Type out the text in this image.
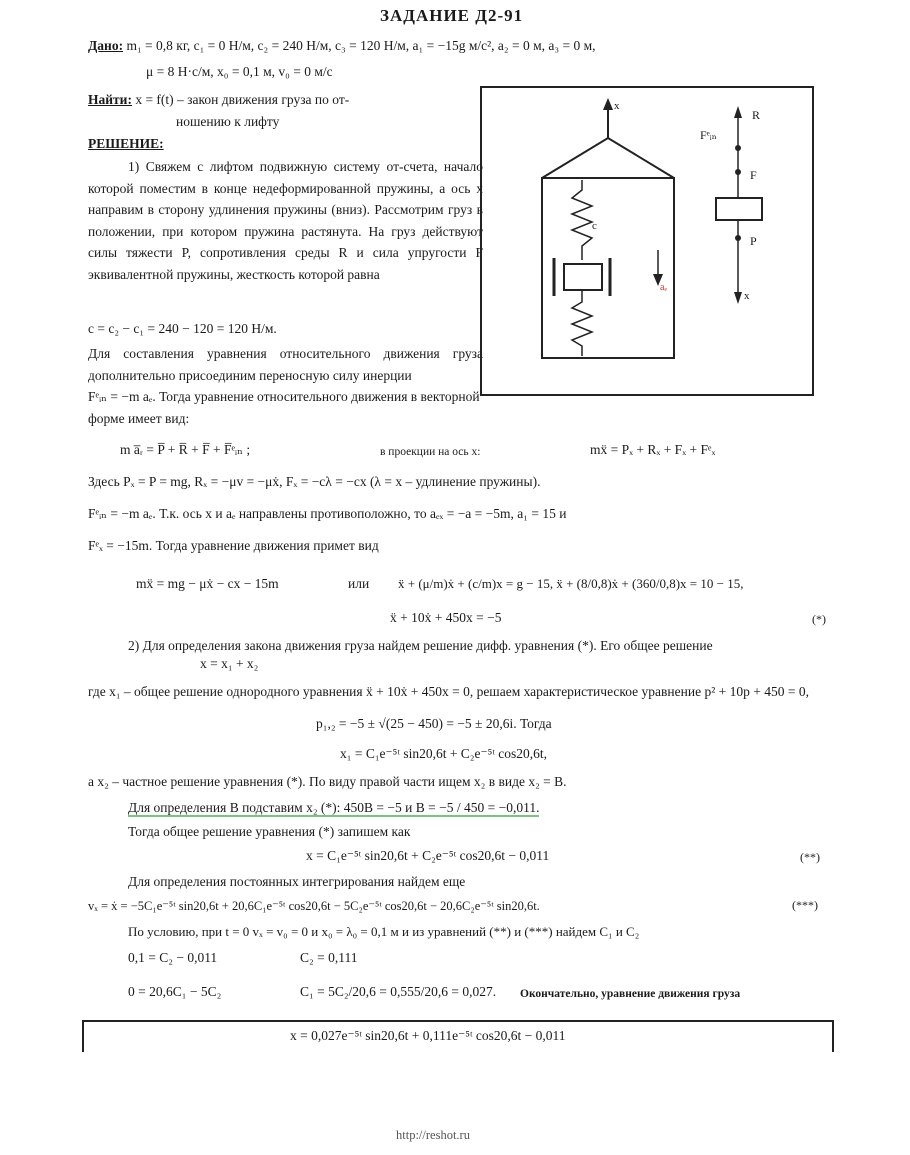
ЗАДАНИЕ Д2-91
Дано: m₁ = 0,8 кг, c₁ = 0 Н/м, c₂ = 240 Н/м, c₃ = 120 Н/м, a₁ = −15g м/с², a₂ = 0 м, a₃ = 0 м,
μ = 8 Н·с/м, x₀ = 0,1 м, v₀ = 0 м/с
Найти: x = f(t) – закон движения груза по от-
ношению к лифту
РЕШЕНИЕ:
1) Свяжем с лифтом подвижную систему от-счета, начало которой поместим в конце недеформированной пружины, а ось x направим в сторону удлинения пружины (вниз). Рассмотрим груз в положении, при котором пружина растянута. На груз действуют силы тяжести P, сопротивления среды R и сила упругости F эквивалентной пружины, жесткость которой равна
c = c₂ − c₁ = 240 − 120 = 120 Н/м.
Для составления уравнения относительного движения груза дополнительно присоединим переносную силу инерции
Fᵉᵢₙ = −m aₑ. Тогда уравнение относительного движения в векторной форме имеет вид:
m a̅ᵣ = P̅ + R̅ + F̅ + F̅ᵉᵢₙ ;	в проекции на ось x:	mẍ = Pₓ + Rₓ + Fₓ + Fᵉₓ
Здесь Pₓ = P = mg, Rₓ = −μv = −μẋ, Fₓ = −cλ = −cx (λ = x – удлинение пружины).
Fᵉᵢₙ = −m aₑ. Т.к. ось x и aₑ направлены противоположно, то aₑₓ = −a = −5m, a₁ = 15 и
Fᵉₓ = −15m. Тогда уравнение движения примет вид
mẍ = mg − μẋ − cx − 15m	или ẍ + (μ/m)ẋ + (c/m)x = g − 15, ẍ + (8/0,8)ẋ + (360/0,8)x = 10 − 15,
ẍ + 10ẋ + 450x = −5	(*)
2) Для определения закона движения груза найдем решение дифф. уравнения (*). Его общее решение
x = x₁ + x₂
где x₁ – общее решение однородного уравнения ẍ + 10ẋ + 450x = 0, решаем характеристическое уравнение p² + 10p + 450 = 0,
p₁,₂ = −5 ± √(25 − 450) = −5 ± 20,6i. Тогда
x₁ = C₁e⁻⁵ᵗ sin20,6t + C₂e⁻⁵ᵗ cos20,6t,
а x₂ – частное решение уравнения (*). По виду правой части ищем x₂ в виде x₂ = B.
Для определения B подставим x₂ (*): 450B = −5 и B = −5 / 450 = −0,011.
Тогда общее решение уравнения (*) запишем как
x = C₁e⁻⁵ᵗ sin20,6t + C₂e⁻⁵ᵗ cos20,6t − 0,011	(**)
Для определения постоянных интегрирования найдем еще
vₓ = ẋ = −5C₁e⁻⁵ᵗ sin20,6t + 20,6C₁e⁻⁵ᵗ cos20,6t − 5C₂e⁻⁵ᵗ cos20,6t − 20,6C₂e⁻⁵ᵗ sin20,6t.	(***)
По условию, при t = 0 vₓ = v₀ = 0 и x₀ = λ₀ = 0,1 м и из уравнений (**) и (***) найдем C₁ и C₂
0,1 = C₂ − 0,011	C₂ = 0,111
0 = 20,6C₁ − 5C₂	C₁ = 5C₂/20,6 = 0,555/20,6 = 0,027. Окончательно, уравнение движения груза
x = 0,027e⁻⁵ᵗ sin20,6t + 0,111e⁻⁵ᵗ cos20,6t − 0,011
x
c
aₑ
R
Fᵉᵢₙ
F
P
x
http://reshot.ru
